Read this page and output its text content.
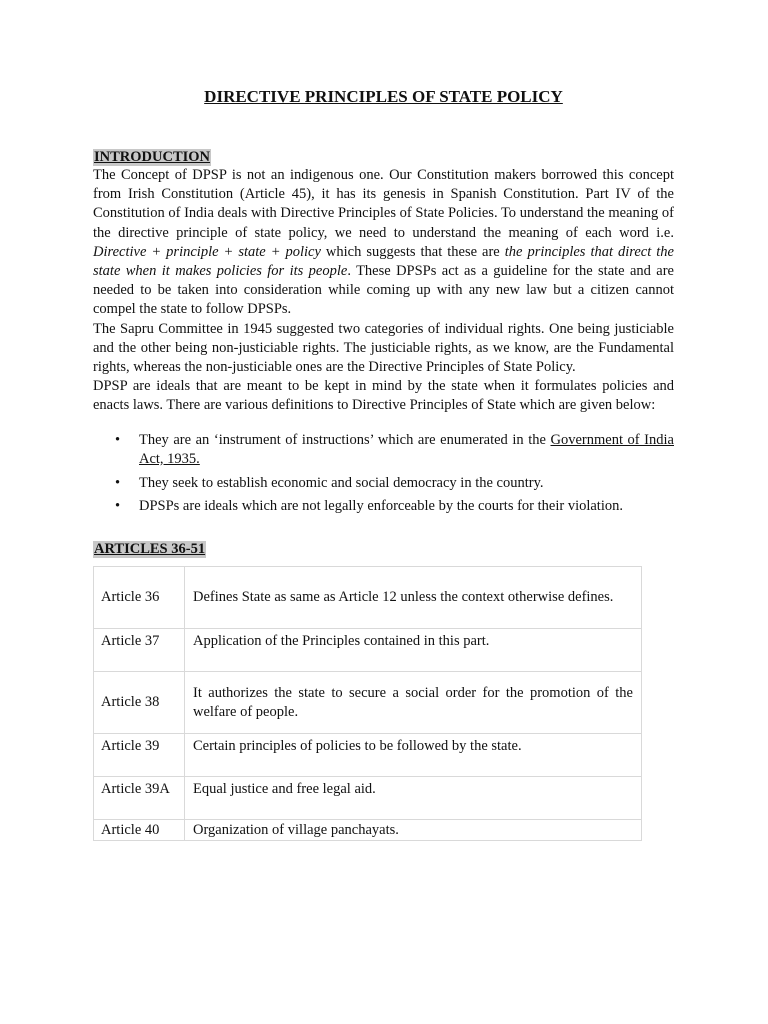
DIRECTIVE PRINCIPLES OF STATE POLICY
INTRODUCTION

The Concept of DPSP is not an indigenous one. Our Constitution makers borrowed this concept from Irish Constitution (Article 45), it has its genesis in Spanish Constitution. Part IV of the Constitution of India deals with Directive Principles of State Policies. To understand the meaning of the directive principle of state policy, we need to understand the meaning of each word i.e. Directive + principle + state + policy which suggests that these are the principles that direct the state when it makes policies for its people. These DPSPs act as a guideline for the state and are needed to be taken into consideration while coming up with any new law but a citizen cannot compel the state to follow DPSPs.

The Sapru Committee in 1945 suggested two categories of individual rights. One being justiciable and the other being non-justiciable rights. The justiciable rights, as we know, are the Fundamental rights, whereas the non-justiciable ones are the Directive Principles of State Policy.

DPSP are ideals that are meant to be kept in mind by the state when it formulates policies and enacts laws. There are various definitions to Directive Principles of State which are given below:

• They are an ‘instrument of instructions’ which are enumerated in the Government of India Act, 1935.
• They seek to establish economic and social democracy in the country.
• DPSPs are ideals which are not legally enforceable by the courts for their violation.
ARTICLES 36-51
Article 36	Defines State as same as Article 12 unless the context otherwise defines.
Article 37	Application of the Principles contained in this part.
Article 38	It authorizes the state to secure a social order for the promotion of the welfare of people.
Article 39	Certain principles of policies to be followed by the state.
Article 39A	Equal justice and free legal aid.
Article 40	Organization of village panchayats.
